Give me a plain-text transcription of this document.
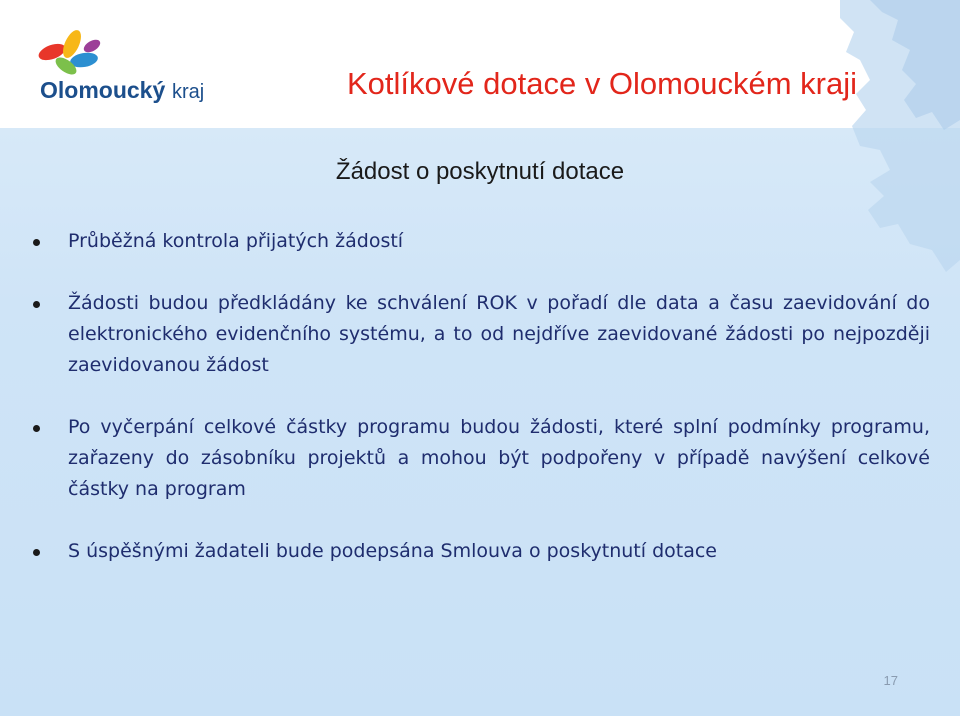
Olomoucký kraj	Kotlíkové dotace v Olomouckém kraji
Žádost o poskytnutí dotace
Průběžná kontrola přijatých žádostí
Žádosti budou předkládány ke schválení ROK v pořadí dle data a času zaevidování do elektronického evidenčního systému, a to od nejdříve zaevidované žádosti po nejpozději zaevidovanou žádost
Po vyčerpání celkové částky programu budou žádosti, které splní podmínky programu, zařazeny do zásobníku projektů a mohou být podpořeny v případě navýšení celkové částky na program
S úspěšnými žadateli bude podepsána Smlouva o poskytnutí dotace
17
